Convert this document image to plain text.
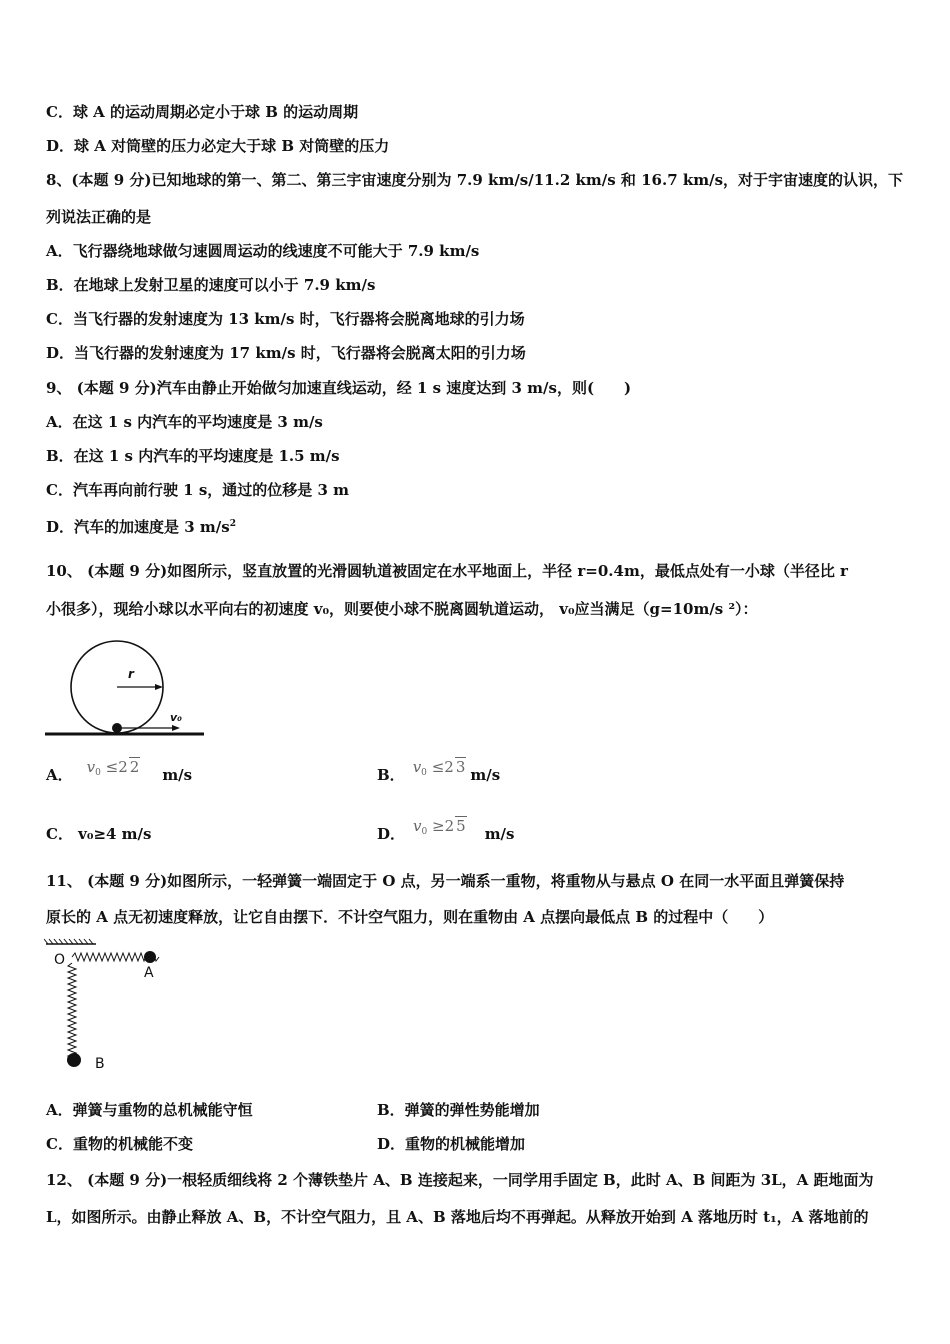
C．球 A 的运动周期必定小于球 B 的运动周期
D．球 A 对筒壁的压力必定大于球 B 对筒壁的压力
8、(本题 9 分)已知地球的第一、第二、第三宇宙速度分别为 7.9 km/s/11.2 km/s 和 16.7 km/s，对于宇宙速度的认识，下
列说法正确的是
A．飞行器绕地球做匀速圆周运动的线速度不可能大于 7.9 km/s
B．在地球上发射卫星的速度可以小于 7.9 km/s
C．当飞行器的发射速度为 13 km/s 时，飞行器将会脱离地球的引力场
D．当飞行器的发射速度为 17 km/s 时，飞行器将会脱离太阳的引力场
9、 (本题 9 分)汽车由静止开始做匀加速直线运动，经 1 s 速度达到 3 m/s，则(　　)
A．在这 1 s 内汽车的平均速度是 3 m/s
B．在这 1 s 内汽车的平均速度是 1.5 m/s
C．汽车再向前行驶 1 s，通过的位移是 3 m
D．汽车的加速度是 3 $m/s^2$
10、 (本题 9 分)如图所示，竖直放置的光滑圆轨道被固定在水平地面上，半径 r=0.4m，最低点处有一小球（半径比 r
小很多），现给小球以水平向右的初速度 v₀，则要使小球不脱离圆轨道运动， v₀应当满足（g=10m/s ²）：
r
v₀
A． $v_0 \le 2$ 2 m/s	B． $v_0 \le 2$ 3 m/s
C． v₀≥4 m/s	D． $v_0 \ge 2$ 5 m/s
11、 (本题 9 分)如图所示，一轻弹簧一端固定于 O 点，另一端系一重物，将重物从与悬点 O 在同一水平面且弹簧保持
原长的 A 点无初速度释放，让它自由摆下．不计空气阻力，则在重物由 A 点摆向最低点 B 的过程中（　　）
O
A
B
A．弹簧与重物的总机械能守恒	B．弹簧的弹性势能增加
C．重物的机械能不变	D．重物的机械能增加
12、 (本题 9 分)一根轻质细线将 2 个薄铁垫片 A、B 连接起来，一同学用手固定 B，此时 A、B 间距为 3L，A 距地面为
L，如图所示。由静止释放 A、B，不计空气阻力，且 A、B 落地后均不再弹起。从释放开始到 A 落地历时 t₁，A 落地前的
